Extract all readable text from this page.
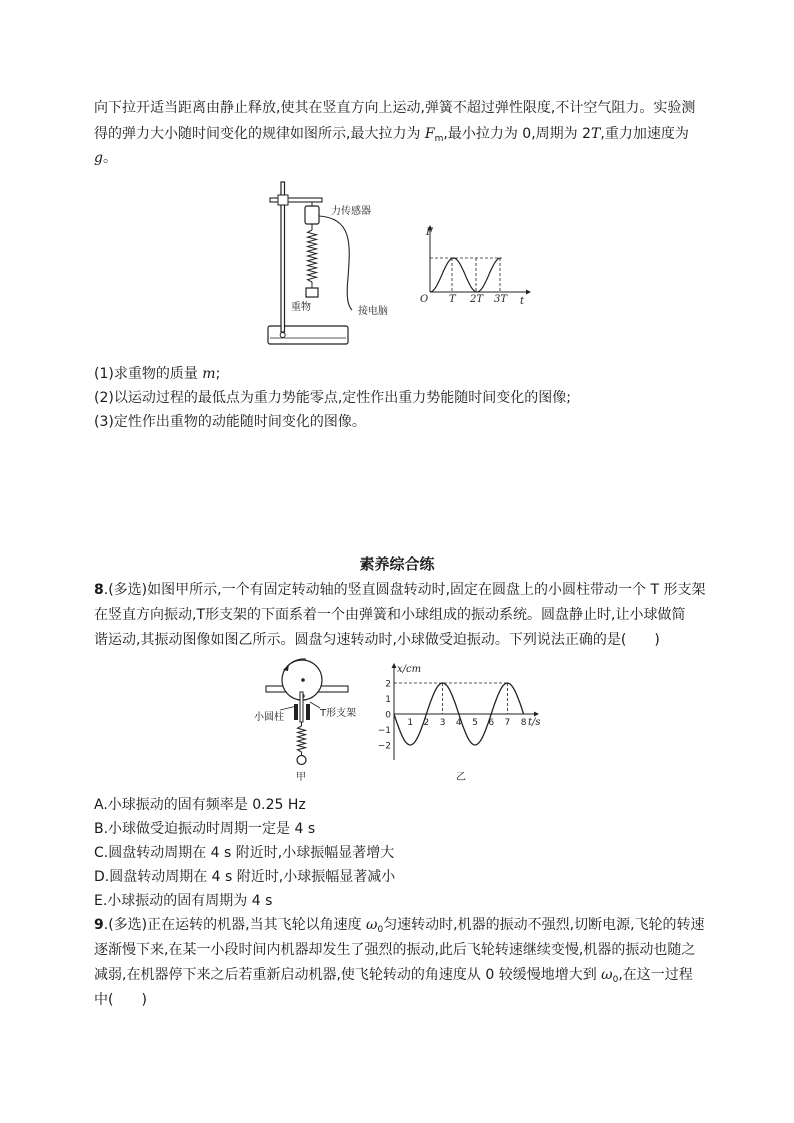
向下拉开适当距离由静止释放,使其在竖直方向上运动,弹簧不超过弹性限度,不计空气阻力。实验测
得的弹力大小随时间变化的规律如图所示,最大拉力为 $F_m$,最小拉力为 0,周期为 2T,重力加速度为
g。
力传感器
重物	接电脑
F
t
O T 2T 3T
(1)求重物的质量 m;
(2)以运动过程的最低点为重力势能零点,定性作出重力势能随时间变化的图像;
(3)定性作出重物的动能随时间变化的图像。
素养综合练
8.(多选)如图甲所示,一个有固定转动轴的竖直圆盘转动时,固定在圆盘上的小圆柱带动一个 T 形支架
在竖直方向振动,T形支架的下面系着一个由弹簧和小球组成的振动系统。圆盘静止时,让小球做简
谐运动,其振动图像如图乙所示。圆盘匀速转动时,小球做受迫振动。下列说法正确的是(　　)
小圆柱	T形支架
甲
x/cm
t/s
乙
2
1
0
−1
−2
1 2 3 4 5 6 7 8
A.小球振动的固有频率是 0.25 Hz
B.小球做受迫振动时周期一定是 4 s
C.圆盘转动周期在 4 s 附近时,小球振幅显著增大
D.圆盘转动周期在 4 s 附近时,小球振幅显著减小
E.小球振动的固有周期为 4 s
9.(多选)正在运转的机器,当其飞轮以角速度 $\omega_0$匀速转动时,机器的振动不强烈,切断电源,飞轮的转速
逐渐慢下来,在某一小段时间内机器却发生了强烈的振动,此后飞轮转速继续变慢,机器的振动也随之
减弱,在机器停下来之后若重新启动机器,使飞轮转动的角速度从 0 较缓慢地增大到 $\omega_0$,在这一过程
中(　　)
